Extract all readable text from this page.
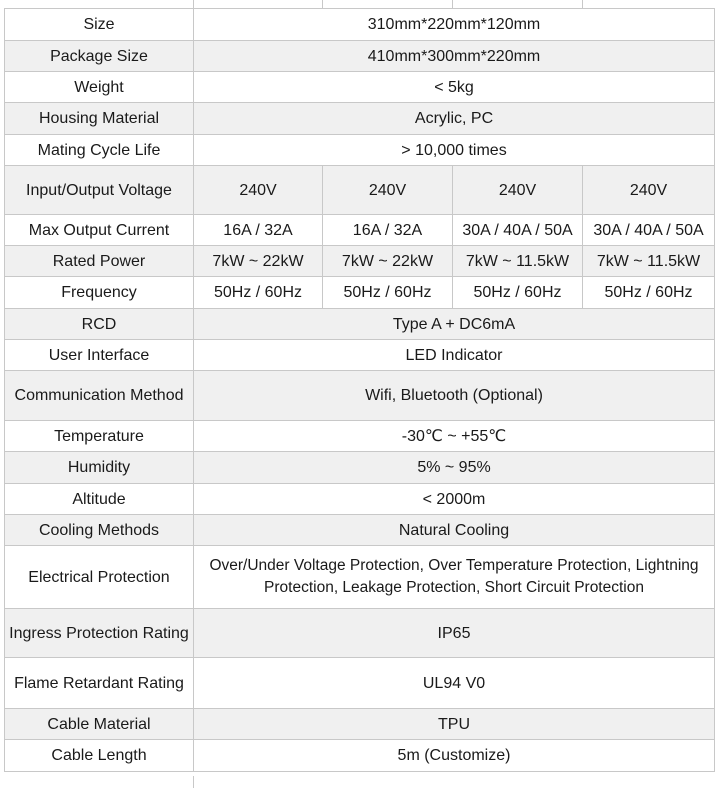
Size	310mm*220mm*120mm			
Package Size	410mm*300mm*220mm			
Weight	< 5kg			
Housing Material	Acrylic, PC			
Mating Cycle Life	> 10,000 times			
Input/Output Voltage	240V	240V	240V	240V
Max Output Current	16A / 32A	16A / 32A	30A / 40A / 50A	30A / 40A / 50A
Rated Power	7kW ~ 22kW	7kW ~ 22kW	7kW ~ 11.5kW	7kW ~ 11.5kW
Frequency	50Hz / 60Hz	50Hz / 60Hz	50Hz / 60Hz	50Hz / 60Hz
RCD	Type A + DC6mA			
User Interface	LED Indicator			
Communication Method	Wifi, Bluetooth (Optional)			
Temperature	-30℃ ~ +55℃			
Humidity	5% ~ 95%			
Altitude	< 2000m			
Cooling Methods	Natural Cooling			
Electrical Protection	Over/Under Voltage Protection, Over Temperature Protection, Lightning Protection, Leakage Protection, Short Circuit Protection			
Ingress Protection Rating	IP65			
Flame Retardant Rating	UL94 V0			
Cable Material	TPU			
Cable Length	5m (Customize)			
